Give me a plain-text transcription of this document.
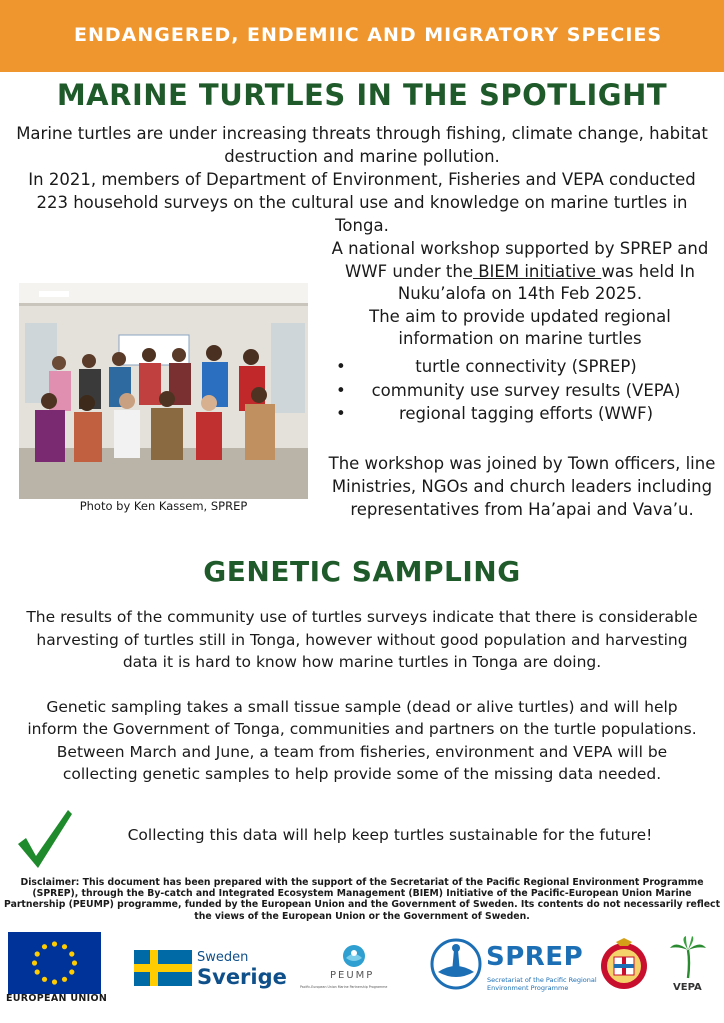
ENDANGERED, ENDEMIIC AND MIGRATORY SPECIES
MARINE TURTLES IN THE SPOTLIGHT

Marine turtles are under increasing threats through fishing, climate change, habitat destruction and marine pollution.

In 2021, members of Department of Environment, Fisheries and VEPA conducted 223 household surveys on the cultural use and knowledge on marine turtles in Tonga.

Photo by Ken Kassem, SPREP

A national workshop supported by SPREP and WWF under the BIEM initiative was held In Nuku’alofa on 14th Feb 2025.

The aim to provide updated regional information on marine turtles

•	turtle connectivity (SPREP)
• community use survey results (VEPA)
•	regional tagging efforts (WWF)
The workshop was joined by Town officers, line Ministries, NGOs and church leaders including representatives from Ha’apai and Vava’u.
GENETIC SAMPLING

The results of the community use of turtles surveys indicate that there is considerable harvesting of turtles still in Tonga, however without good population and harvesting data it is hard to know how marine turtles in Tonga are doing.

Genetic sampling takes a small tissue sample (dead or alive turtles) and will help inform the Government of Tonga, communities and partners on the turtle populations.

Between March and June, a team from fisheries, environment and VEPA will be collecting genetic samples to help provide some of the missing data needed.

Collecting this data will help keep turtles sustainable for the future!
Disclaimer: This document has been prepared with the support of the Secretariat of the Pacific Regional Environment Programme (SPREP), through the By-catch and Integrated Ecosystem Management (BIEM) Initiative of the Pacific-European Union Marine Partnership (PEUMP) programme, funded by the European Union and the Government of Sweden. Its contents do not necessarily reflect the views of the European Union or the Government of Sweden.
EUROPEAN UNION
Sweden
Sverige	PEUMP
Pacific-European Union Marine Partnership Programme
SPREP
Secretariat of the Pacific Regional
Environment Programme	VEPA
